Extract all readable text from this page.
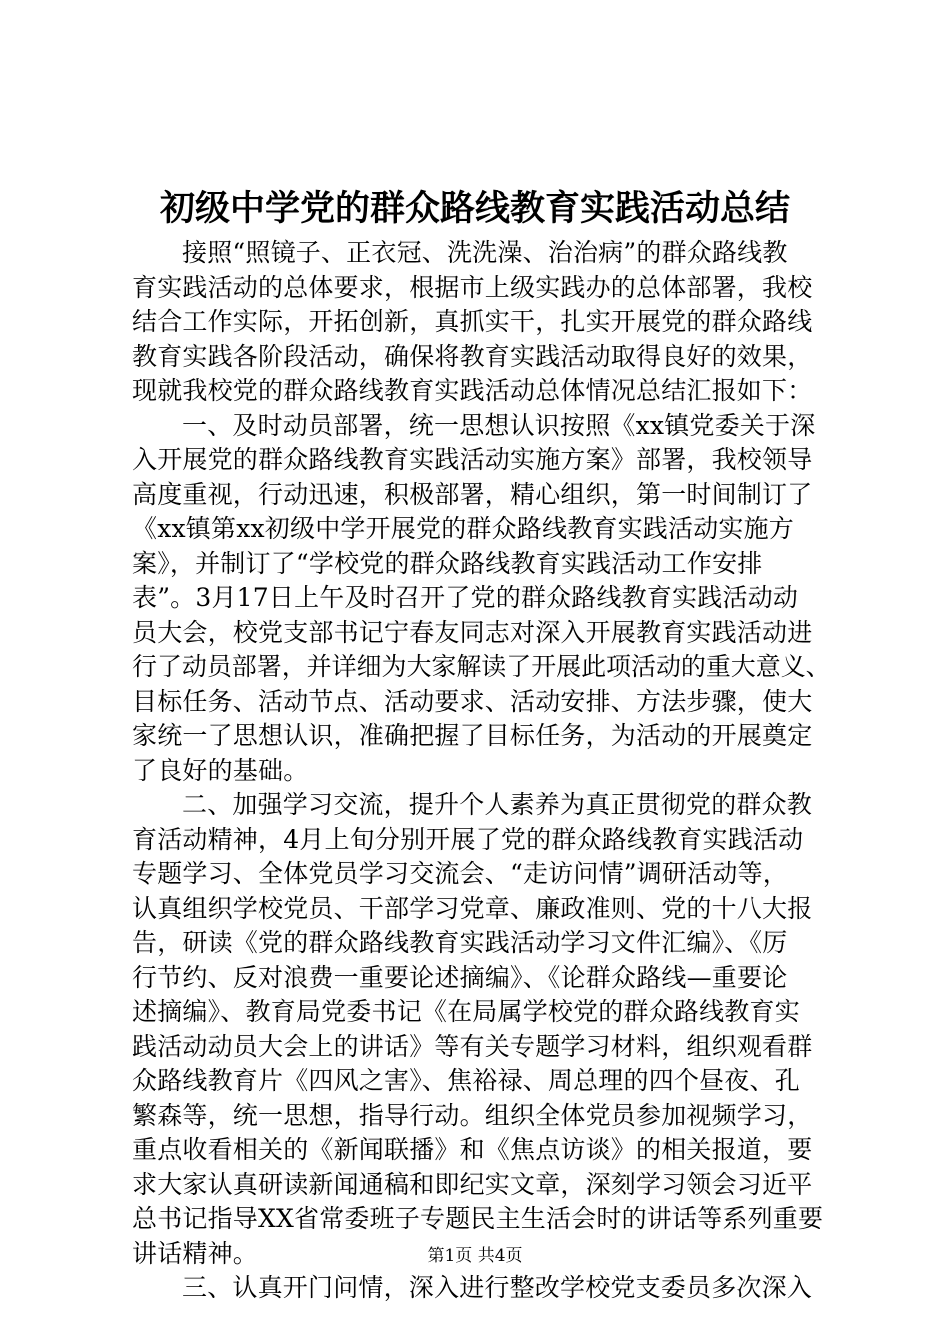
初级中学党的群众路线教育实践活动总结
接照“照镜子、正衣冠、洗洗澡、治治病”的群众路线教
育实践活动的总体要求，根据市上级实践办的总体部署，我校
结合工作实际，开拓创新，真抓实干，扎实开展党的群众路线
教育实践各阶段活动，确保将教育实践活动取得良好的效果，
现就我校党的群众路线教育实践活动总体情况总结汇报如下：
一、及时动员部署，统一思想认识按照《xx镇党委关于深
入开展党的群众路线教育实践活动实施方案》部署，我校领导
高度重视，行动迅速，积极部署，精心组织，第一时间制订了
《xx镇第xx初级中学开展党的群众路线教育实践活动实施方
案》，并制订了“学校党的群众路线教育实践活动工作安排
表”。3月17日上午及时召开了党的群众路线教育实践活动动
员大会，校党支部书记宁春友同志对深入开展教育实践活动进
行了动员部署，并详细为大家解读了开展此项活动的重大意义、
目标任务、活动节点、活动要求、活动安排、方法步骤，使大
家统一了思想认识，准确把握了目标任务，为活动的开展奠定
了良好的基础。
二、加强学习交流，提升个人素养为真正贯彻党的群众教
育活动精神，4月上旬分别开展了党的群众路线教育实践活动
专题学习、全体党员学习交流会、“走访问情”调研活动等，
认真组织学校党员、干部学习党章、廉政准则、党的十八大报
告，研读《党的群众路线教育实践活动学习文件汇编》、《厉
行节约、反对浪费一重要论述摘编》、《论群众路线—重要论
述摘编》、教育局党委书记《在局属学校党的群众路线教育实
践活动动员大会上的讲话》等有关专题学习材料，组织观看群
众路线教育片《四风之害》、焦裕禄、周总理的四个昼夜、孔
繁森等，统一思想，指导行动。组织全体党员参加视频学习，
重点收看相关的《新闻联播》和《焦点访谈》的相关报道，要
求大家认真研读新闻通稿和即纪实文章，深刻学习领会习近平
总书记指导XX省常委班子专题民主生活会时的讲话等系列重要
讲话精神。
三、认真开门问情，深入进行整改学校党支委员多次深入
第1页 共4页
